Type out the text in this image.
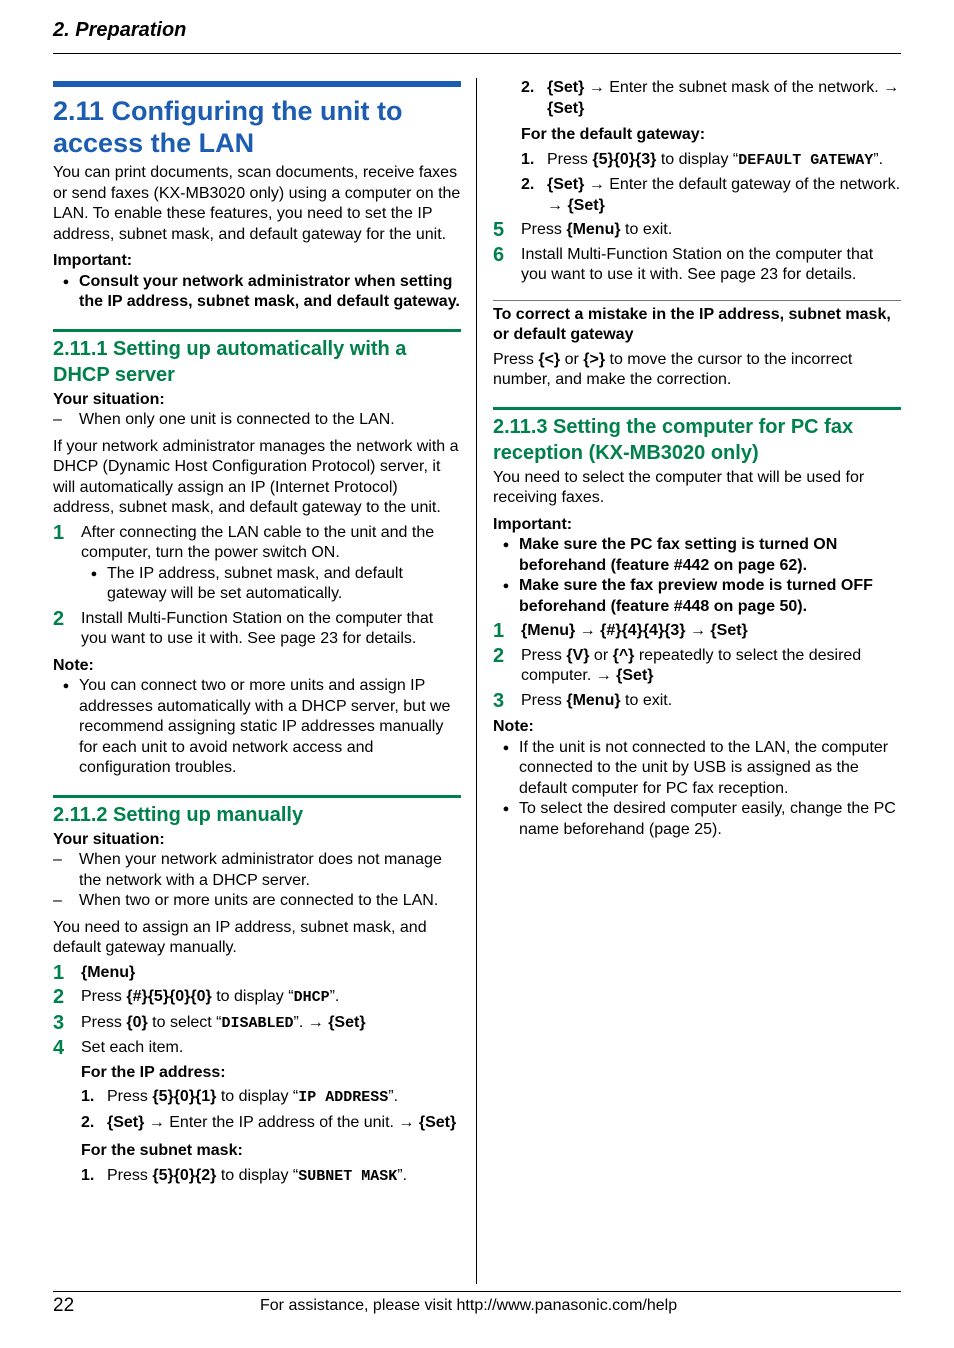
2. Preparation
2.11 Configuring the unit to access the LAN

You can print documents, scan documents, receive faxes or send faxes (KX-MB3020 only) using a computer on the LAN. To enable these features, you need to set the IP address, subnet mask, and default gateway for the unit.

Important:

● Consult your network administrator when setting the IP address, subnet mask, and default gateway.
2.11.1 Setting up automatically with a DHCP server

Your situation:

–	When only one unit is connected to the LAN.

If your network administrator manages the network with a DHCP (Dynamic Host Configuration Protocol) server, it will automatically assign an IP (Internet Protocol) address, subnet mask, and default gateway to the unit.

1	After connecting the LAN cable to the unit and the computer, turn the power switch ON.
● The IP address, subnet mask, and default gateway will be set automatically.
2	Install Multi-Function Station on the computer that you want to use it with. See page 23 for details.

Note:

● You can connect two or more units and assign IP addresses automatically with a DHCP server, but we recommend assigning static IP addresses manually for each unit to avoid network access and configuration troubles.
2.11.2 Setting up manually

Your situation:

–	When your network administrator does not manage the network with a DHCP server.
–	When two or more units are connected to the LAN.

You need to assign an IP address, subnet mask, and default gateway manually.

1	{Menu}
2	Press {#}{5}{0}{0} to display “DHCP”.
3	Press {0} to select “DISABLED”. → {Set}
4	Set each item.

For the IP address:

1. Press {5}{0}{1} to display “IP ADDRESS”.
2. {Set} → Enter the IP address of the unit. → {Set}

For the subnet mask:

1. Press {5}{0}{2} to display “SUBNET MASK”.
2. {Set} → Enter the subnet mask of the network. → {Set}

For the default gateway:

1. Press {5}{0}{3} to display “DEFAULT GATEWAY”.
2. {Set} → Enter the default gateway of the network. → {Set}
5	Press {Menu} to exit.
6	Install Multi-Function Station on the computer that you want to use it with. See page 23 for details.

To correct a mistake in the IP address, subnet mask, or default gateway

Press {<} or {>} to move the cursor to the incorrect number, and make the correction.

2.11.3 Setting the computer for PC fax reception (KX-MB3020 only)

You need to select the computer that will be used for receiving faxes.

Important:

● Make sure the PC fax setting is turned ON beforehand (feature #442 on page 62).
● Make sure the fax preview mode is turned OFF beforehand (feature #448 on page 50).
1	{Menu} → {#}{4}{4}{3} → {Set}
2	Press {V} or {^} repeatedly to select the desired computer. → {Set}
3	Press {Menu} to exit.

Note:

● If the unit is not connected to the LAN, the computer connected to the unit by USB is assigned as the default computer for PC fax reception.
● To select the desired computer easily, change the PC name beforehand (page 25).
22	For assistance, please visit http://www.panasonic.com/help
